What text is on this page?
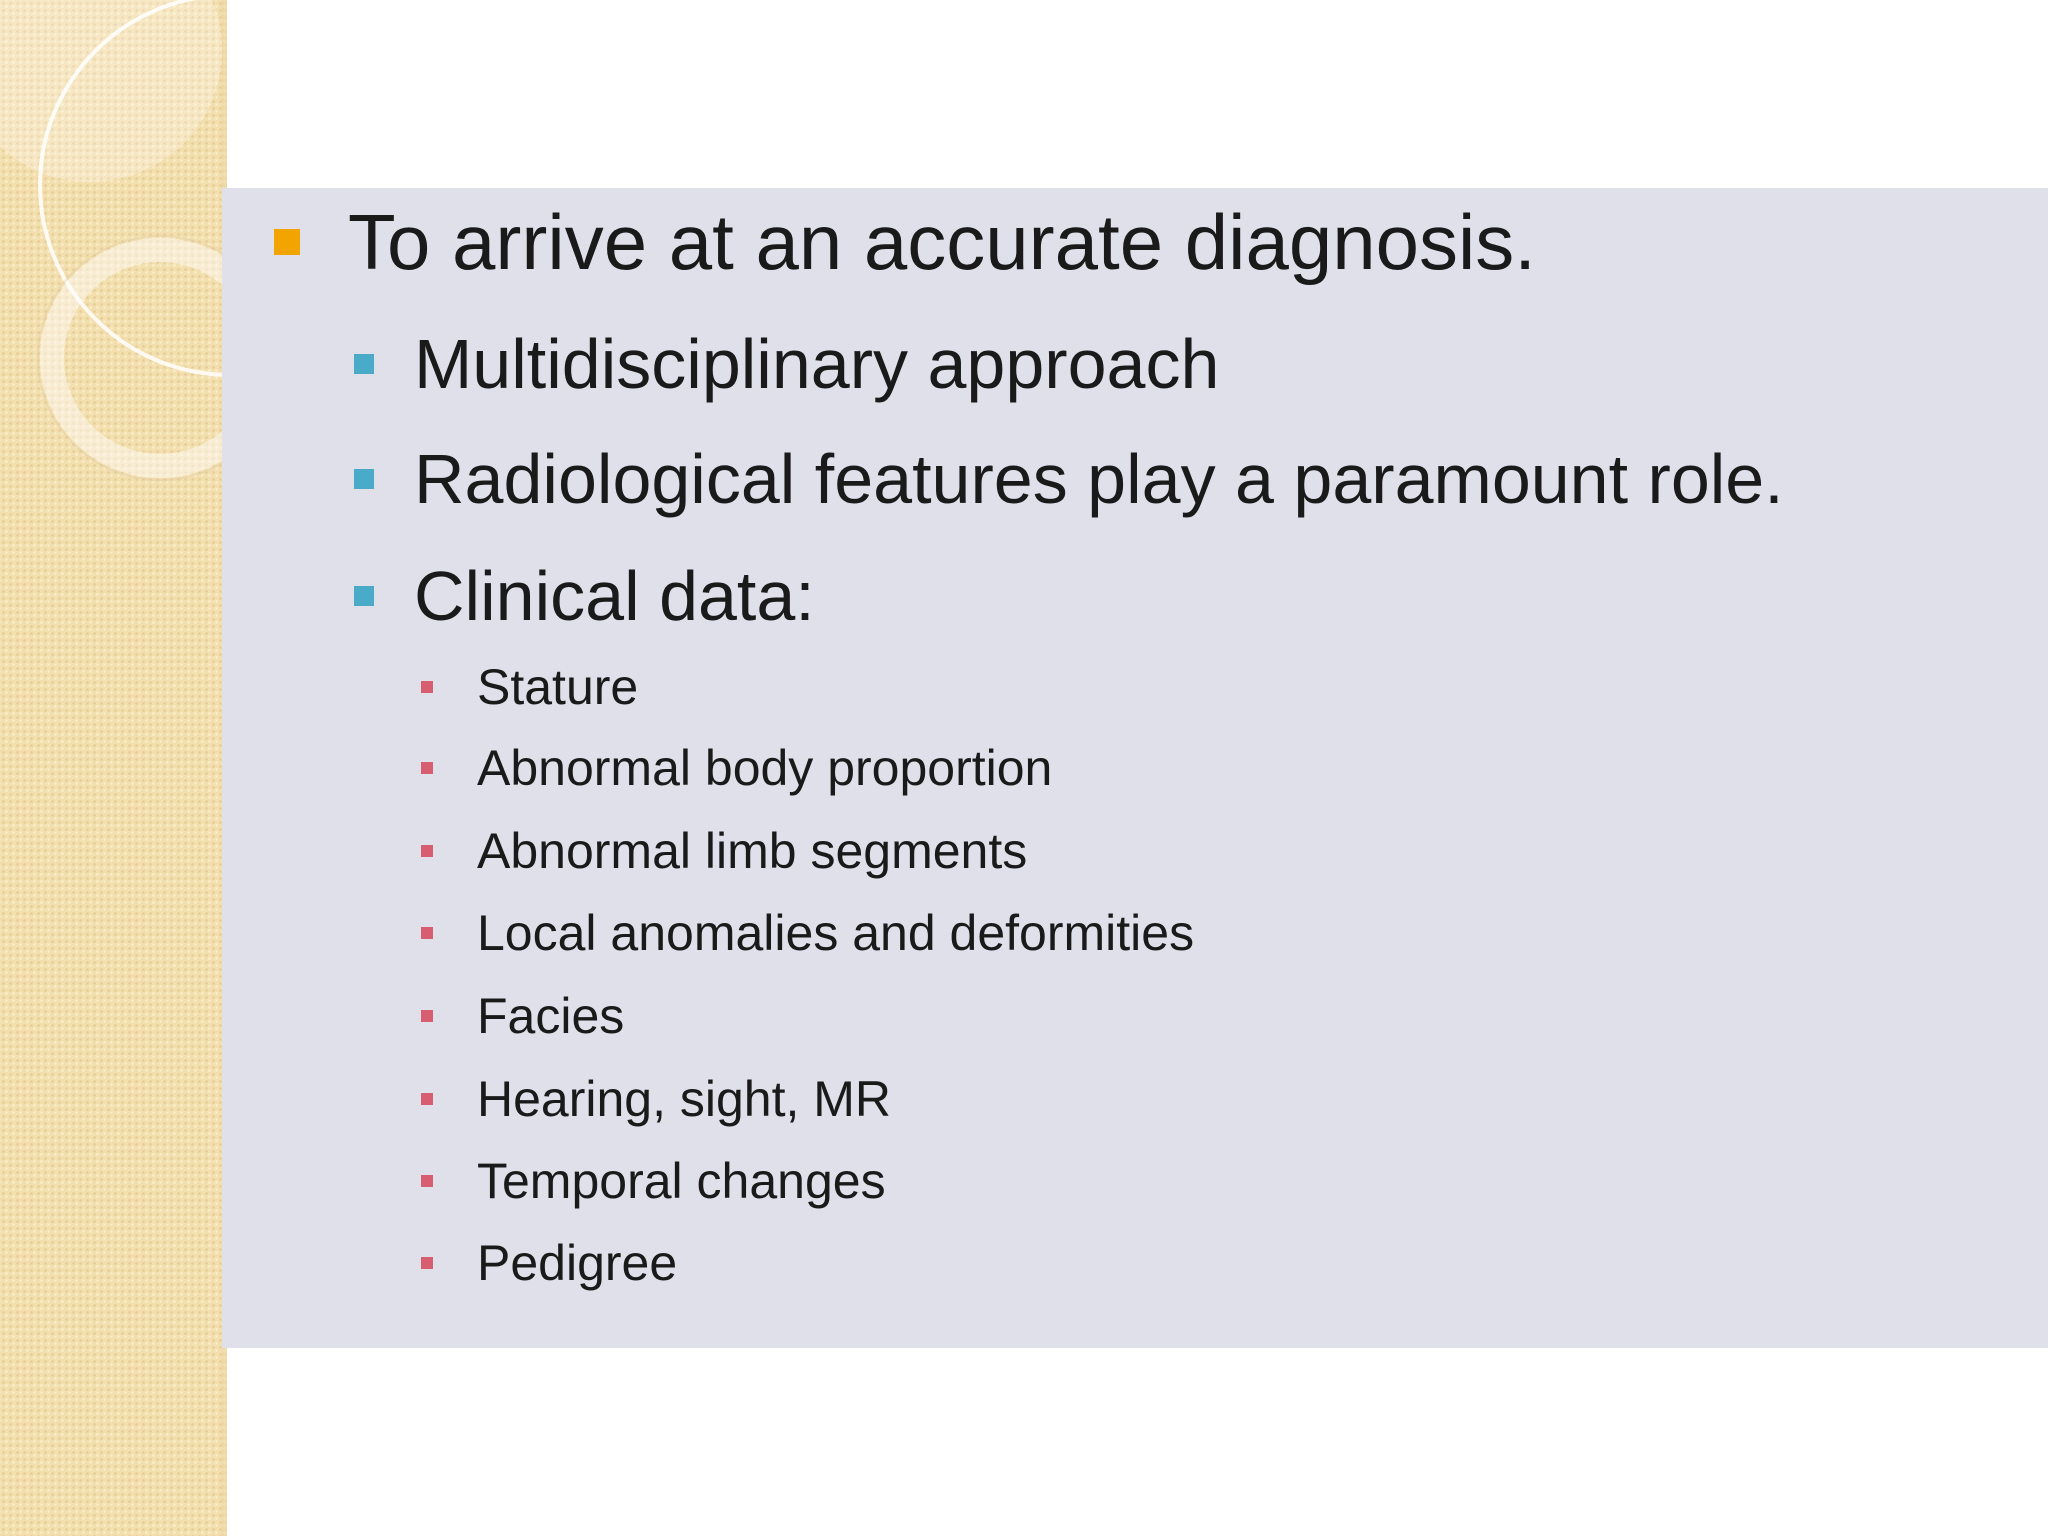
To arrive at an accurate diagnosis.
Multidisciplinary approach
Radiological features play a paramount role.
Clinical data:
Stature
Abnormal body proportion
Abnormal limb segments
Local anomalies and deformities
Facies
Hearing, sight, MR
Temporal changes
Pedigree
